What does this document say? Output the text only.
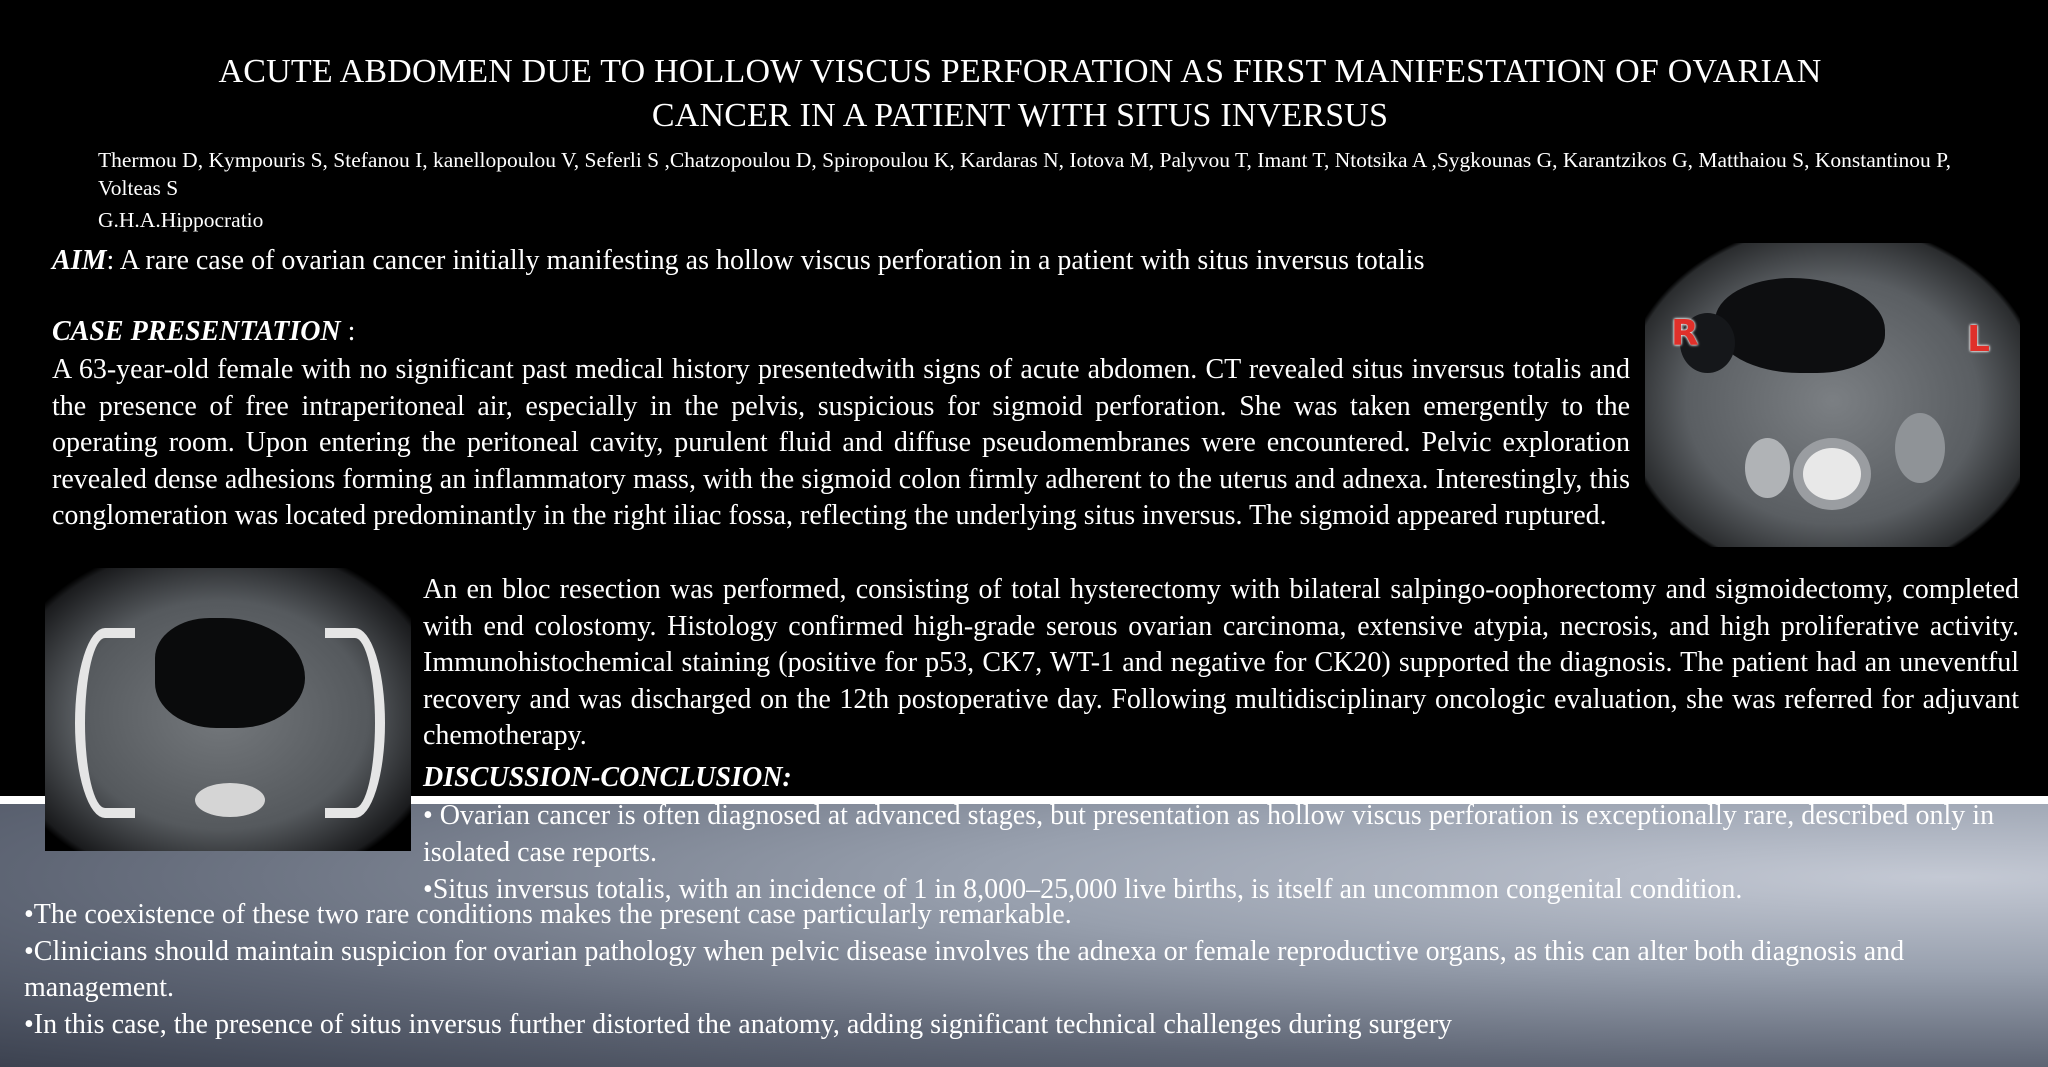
ACUTE ABDOMEN DUE TO HOLLOW VISCUS PERFORATION AS FIRST MANIFESTATION OF OVARIAN
CANCER IN A PATIENT WITH SITUS INVERSUS
Thermou D, Kympouris S, Stefanou I, kanellopoulou V, Seferli S ,Chatzopoulou D, Spiropoulou K, Kardaras N, Iotova M, Palyvou T, Imant T, Ntotsika A ,Sygkounas G, Karantzikos G, Matthaiou S, Konstantinou P, Volteas S
G.H.A.Hippocratio
AIM: A rare case of ovarian cancer initially manifesting as hollow viscus perforation in a patient with situs inversus totalis
CASE PRESENTATION :
A 63-year-old female with no significant past medical history presentedwith signs of acute abdomen. CT revealed situs inversus totalis and the presence of free intraperitoneal air, especially in the pelvis, suspicious for sigmoid perforation. She was taken emergently to the operating room. Upon entering the peritoneal cavity, purulent fluid and diffuse pseudomembranes were encountered. Pelvic exploration revealed dense adhesions forming an inflammatory mass, with the sigmoid colon firmly adherent to the uterus and adnexa. Interestingly, this conglomeration was located predominantly in the right iliac fossa, reflecting the underlying situs inversus. The sigmoid appeared ruptured.
R	L
An en bloc resection was performed, consisting of total hysterectomy with bilateral salpingo-oophorectomy and sigmoidectomy, completed with end colostomy. Histology confirmed high-grade serous ovarian carcinoma, extensive atypia, necrosis, and high proliferative activity. Immunohistochemical staining (positive for p53, CK7, WT-1 and negative for CK20) supported the diagnosis. The patient had an uneventful recovery and was discharged on the 12th postoperative day. Following multidisciplinary oncologic evaluation, she was referred for adjuvant chemotherapy.
DISCUSSION-CONCLUSION:
• Ovarian cancer is often diagnosed at advanced stages, but presentation as hollow viscus perforation is exceptionally rare, described only in isolated case reports.
•Situs inversus totalis, with an incidence of 1 in 8,000–25,000 live births, is itself an uncommon congenital condition.

•The coexistence of these two rare conditions makes the present case particularly remarkable.

•Clinicians should maintain suspicion for ovarian pathology when pelvic disease involves the adnexa or female reproductive organs, as this can alter both diagnosis and management.

•In this case, the presence of situs inversus further distorted the anatomy, adding significant technical challenges during surgery
